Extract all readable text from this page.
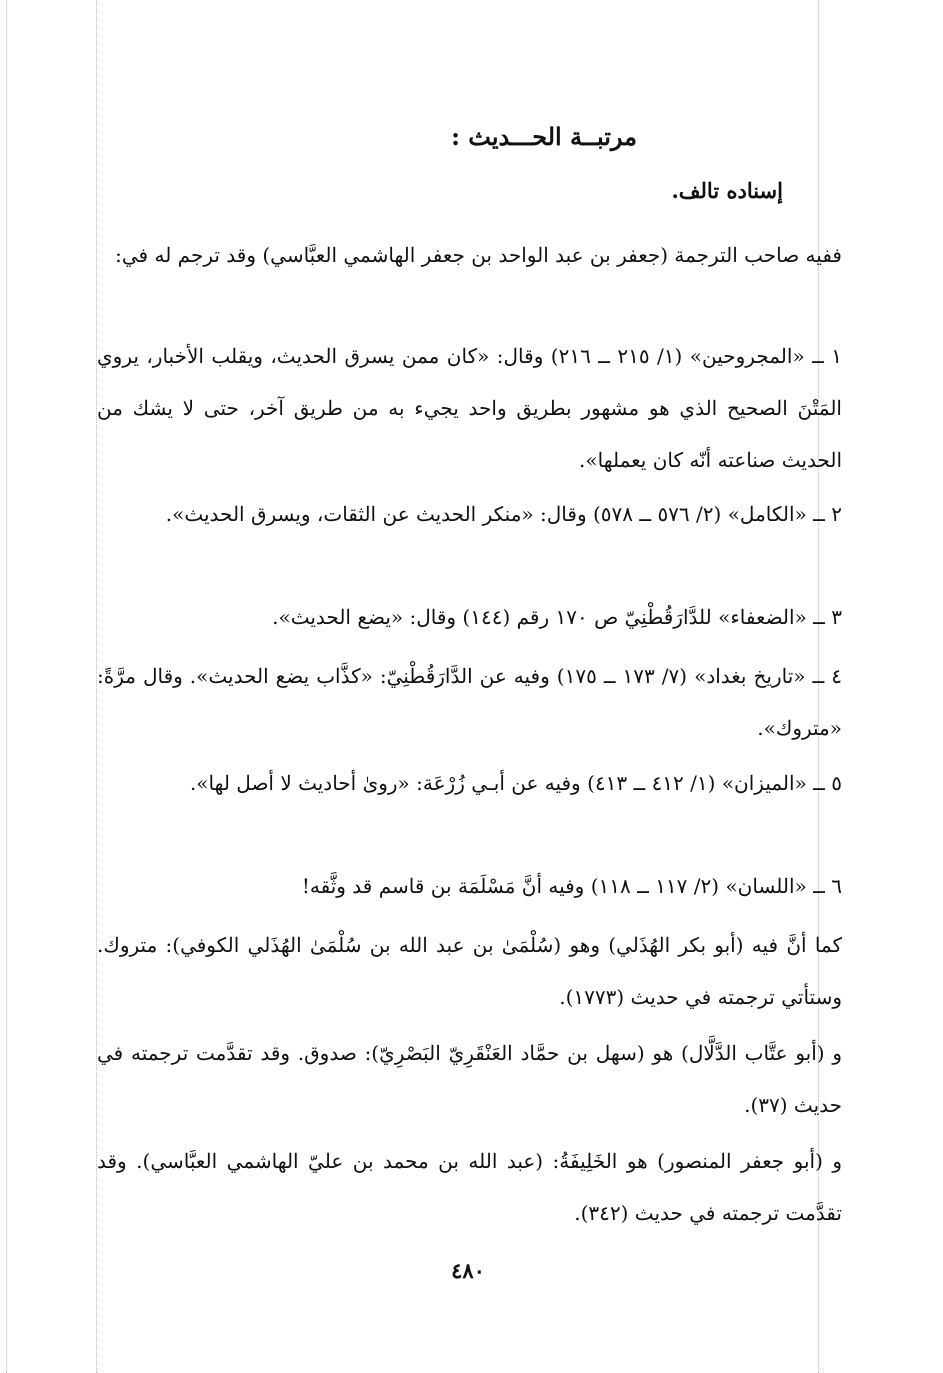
مرتبــة الحـــديث :
إسناده تالف.
ففيه صاحب الترجمة (جعفر بن عبد الواحد بن جعفر الهاشمي العبَّاسي) وقد ترجم له في:
١ ــ «المجروحين» (١/ ٢١٥ ــ ٢١٦) وقال: «كان ممن يسرق الحديث، ويقلب الأخبار، يروي المَتْنَ الصحيح الذي هو مشهور بطريق واحد يجيء به من طريق آخر، حتى لا يشك من الحديث صناعته أنّه كان يعملها».
٢ ــ «الكامل» (٢/ ٥٧٦ ــ ٥٧٨) وقال: «منكر الحديث عن الثقات، ويسرق الحديث».
٣ ــ «الضعفاء» للدَّارَقُطْنِيّ ص ١٧٠ رقم (١٤٤) وقال: «يضع الحديث».
٤ ــ «تاريخ بغداد» (٧/ ١٧٣ ــ ١٧٥) وفيه عن الدَّارَقُطْنِيّ: «كذَّاب يضع الحديث». وقال مرَّةً: «متروك».
٥ ــ «الميزان» (١/ ٤١٢ ــ ٤١٣) وفيه عن أبـي زُرْعَة: «روىٰ أحاديث لا أصل لها».
٦ ــ «اللسان» (٢/ ١١٧ ــ ١١٨) وفيه أنَّ مَسْلَمَة بن قاسم قد وثَّقه!
كما أنَّ فيه (أبو بكر الهُذَلي) وهو (سُلْمَىٰ بن عبد الله بن سُلْمَىٰ الهُذَلي الكوفي): متروك. وستأتي ترجمته في حديث (١٧٧٣).
و (أبو عتَّاب الدَّلَّال) هو (سهل بن حمَّاد العَنْقَرِيّ البَصْرِيّ): صدوق. وقد تقدَّمت ترجمته في حديث (٣٧).
و (أبو جعفر المنصور) هو الخَلِيفَةُ: (عبد الله بن محمد بن عليّ الهاشمي العبَّاسي). وقد تقدَّمت ترجمته في حديث (٣٤٢).
٤٨٠
